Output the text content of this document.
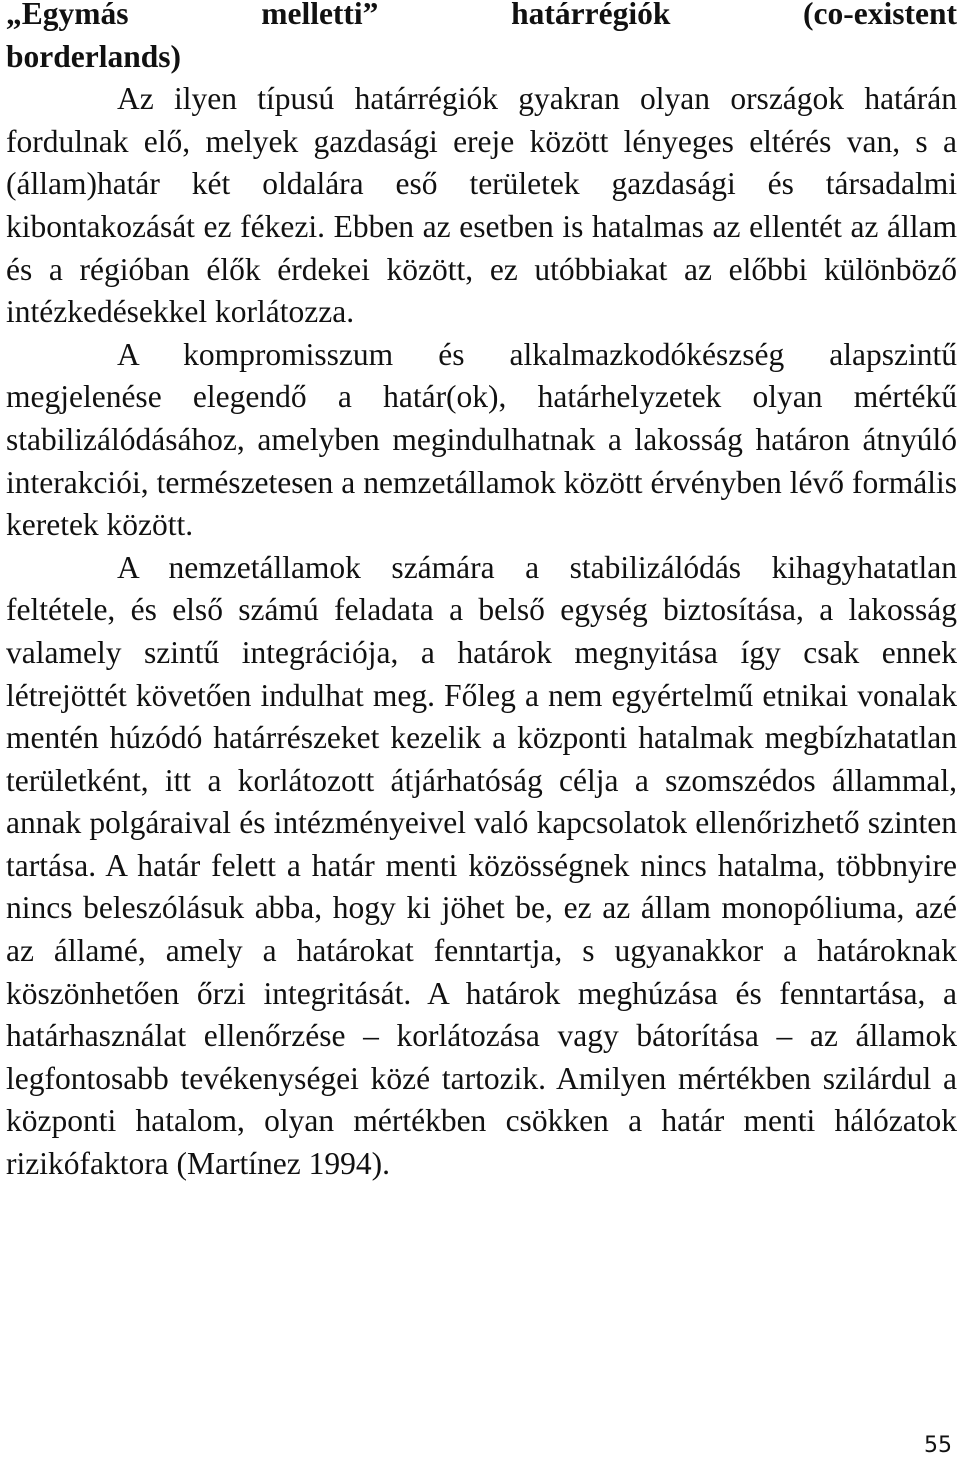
„Egymás melletti” határrégiók (co-existent
borderlands)

Az ilyen típusú határrégiók gyakran olyan országok határán fordulnak elő, melyek gazdasági ereje között lényeges eltérés van, s a (állam)határ két oldalára eső területek gazdasági és társadalmi kibontakozását ez fékezi. Ebben az esetben is hatalmas az ellentét az állam és a régióban élők érdekei között, ez utóbbiakat az előbbi különböző intézkedésekkel korlátozza.

A kompromisszum és alkalmazkodókészség alapszintű megjelenése elegendő a határ(ok), határhelyzetek olyan mértékű stabilizálódásához, amelyben megindulhatnak a lakosság határon átnyúló interakciói, természetesen a nemzetállamok között érvényben lévő formális keretek között.

A nemzetállamok számára a stabilizálódás kihagyhatatlan feltétele, és első számú feladata a belső egység biztosítása, a lakosság valamely szintű integrációja, a határok megnyitása így csak ennek létrejöttét követően indulhat meg. Főleg a nem egyértelmű etnikai vonalak mentén húzódó határrészeket kezelik a központi hatalmak megbízhatatlan területként, itt a korlátozott átjárhatóság célja a szomszédos állammal, annak polgáraival és intézményeivel való kapcsolatok ellenőrizhető szinten tartása. A határ felett a határ menti közösségnek nincs hatalma, többnyire nincs beleszólásuk abba, hogy ki jöhet be, ez az állam monopóliuma, azé az államé, amely a határokat fenntartja, s ugyanakkor a határoknak köszönhetően őrzi integritását. A határok meghúzása és fenntartása, a határhasználat ellenőrzése – korlátozása vagy bátorítása – az államok legfontosabb tevékenységei közé tartozik. Amilyen mértékben szilárdul a központi hatalom, olyan mértékben csökken a határ menti hálózatok rizikófaktora (Martínez 1994).

55
